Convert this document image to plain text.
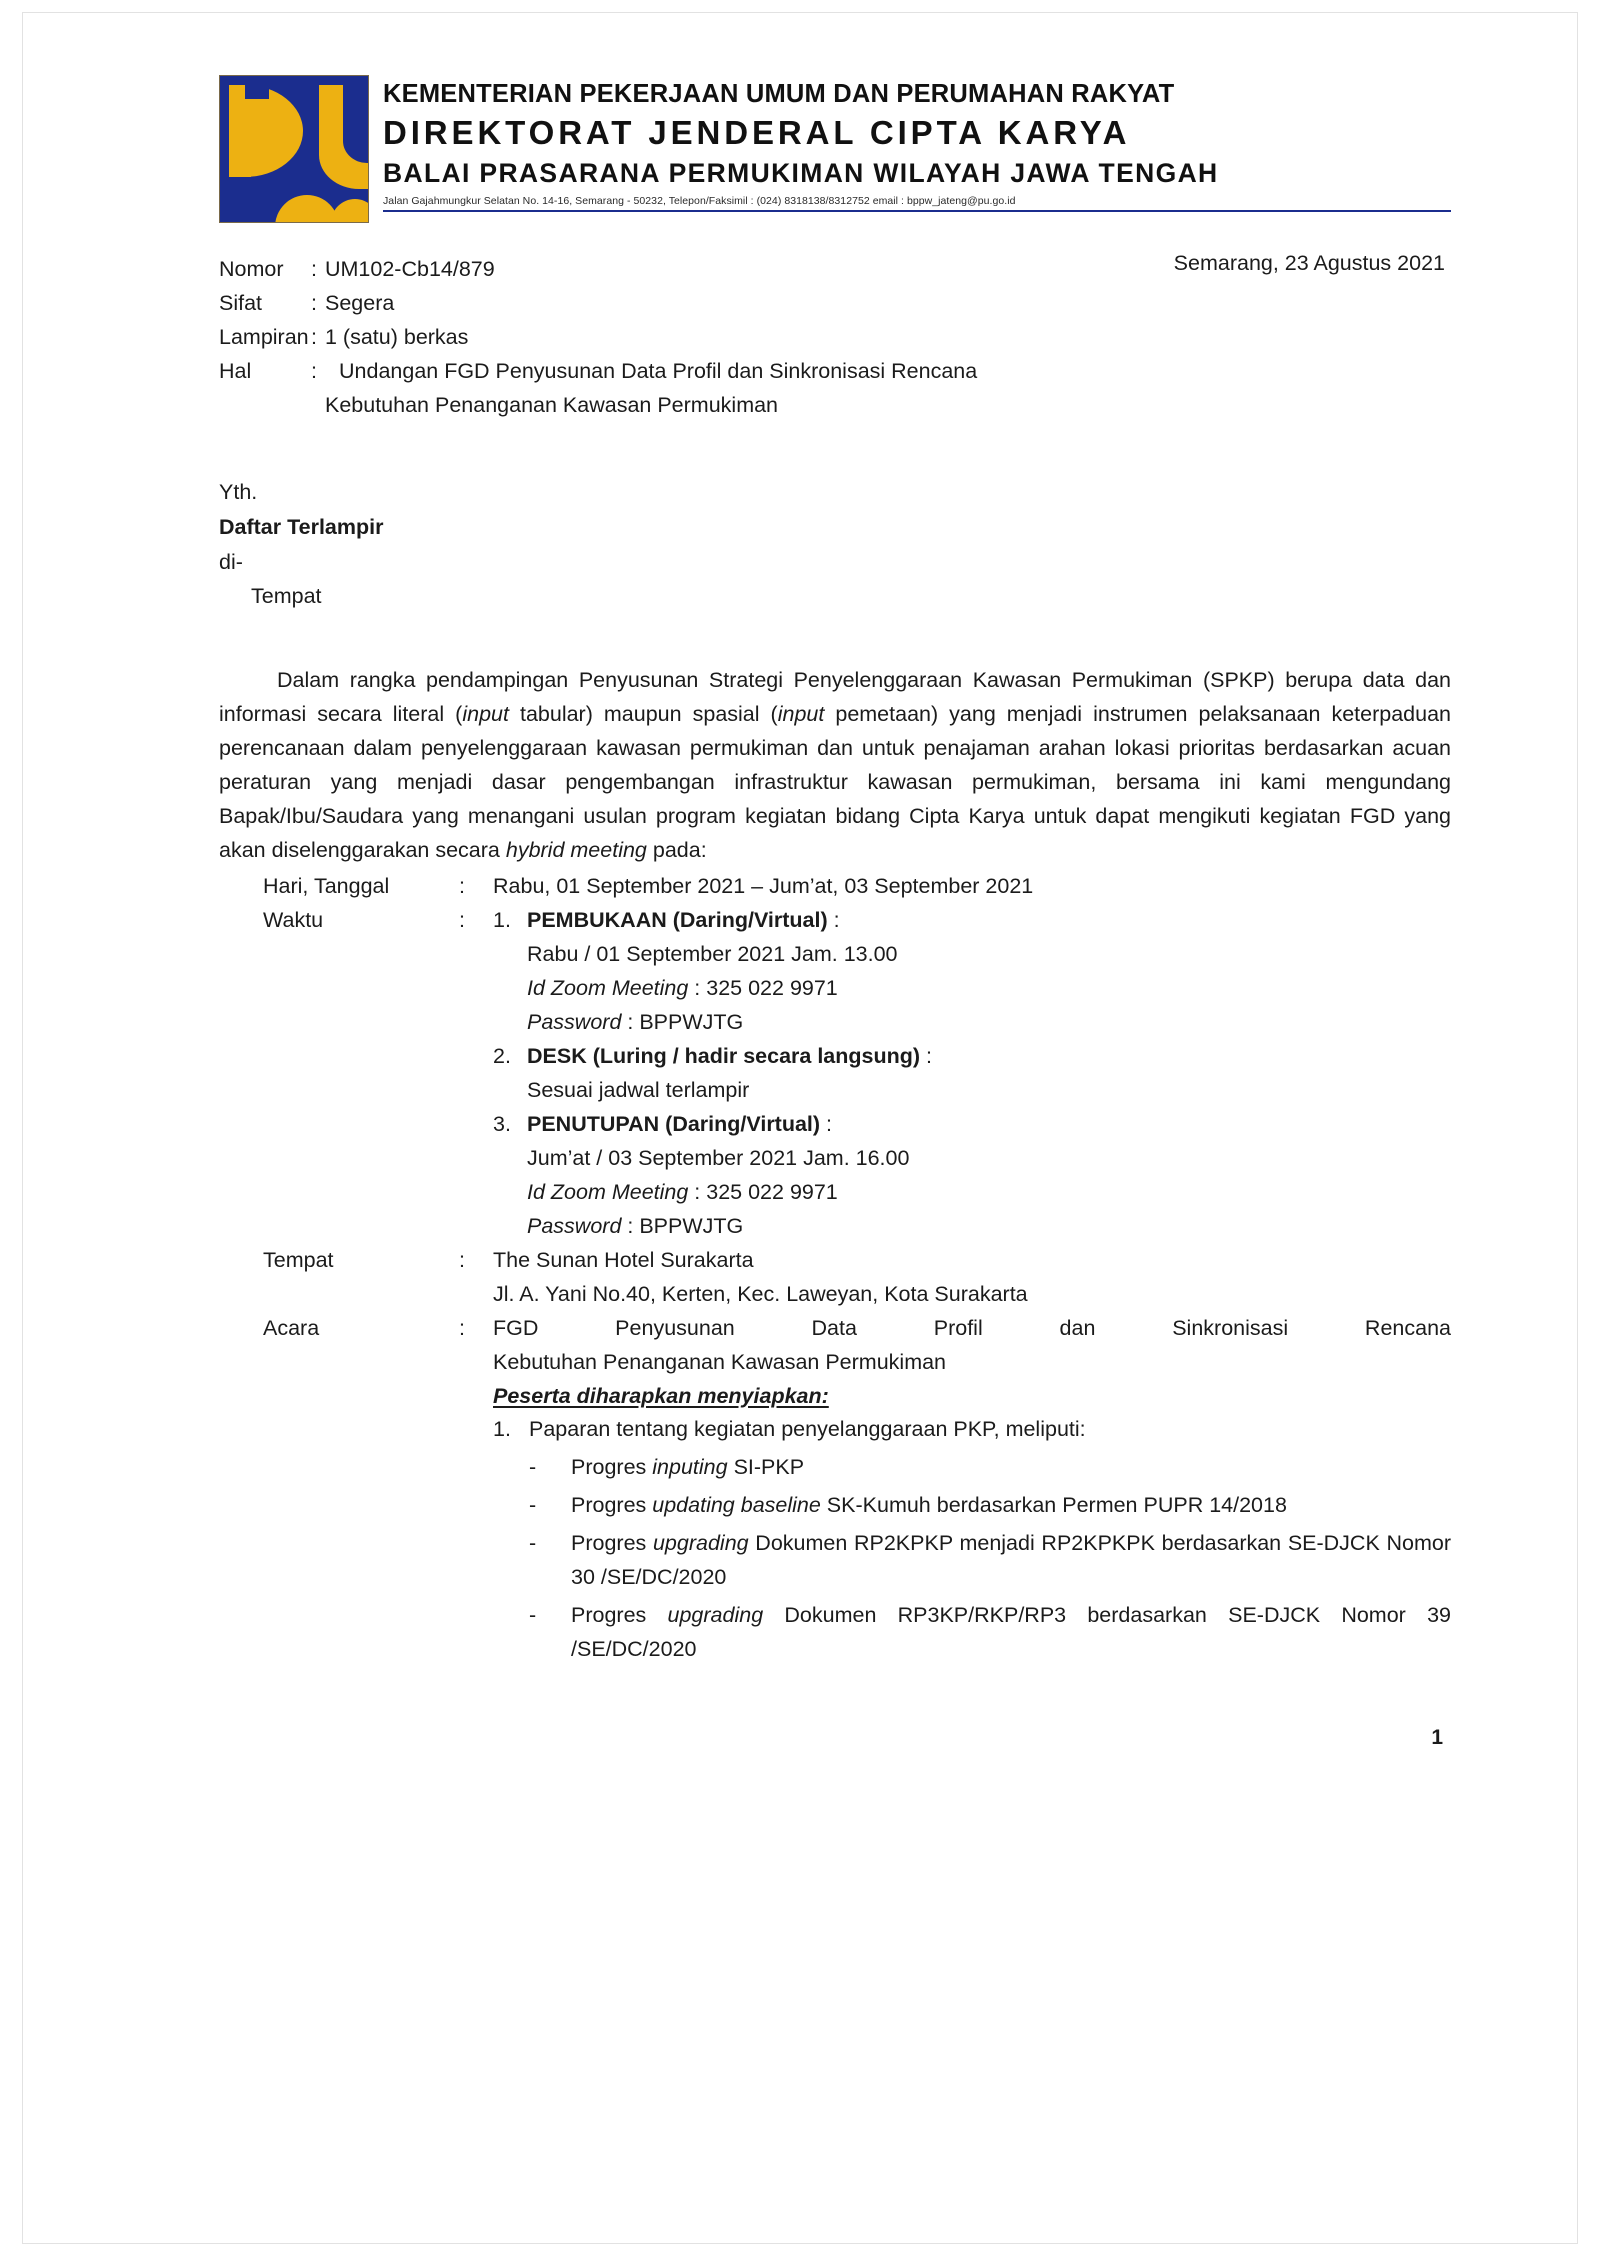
KEMENTERIAN PEKERJAAN UMUM DAN PERUMAHAN RAKYAT
DIREKTORAT JENDERAL CIPTA KARYA
BALAI PRASARANA PERMUKIMAN WILAYAH JAWA TENGAH
Jalan Gajahmungkur Selatan No. 14-16, Semarang - 50232, Telepon/Faksimil : (024) 8318138/8312752 email : bppw_jateng@pu.go.id
Semarang, 23 Agustus 2021
Nomor	: UM102-Cb14/879
Sifat	: Segera
Lampiran : 1 (satu) berkas
Hal	:	Undangan FGD Penyusunan Data Profil dan Sinkronisasi Rencana
Kebutuhan Penanganan Kawasan Permukiman
Yth.
Daftar Terlampir
di-
Tempat
Dalam rangka pendampingan Penyusunan Strategi Penyelenggaraan Kawasan Permukiman (SPKP) berupa data dan informasi secara literal (input tabular) maupun spasial (input pemetaan) yang menjadi instrumen pelaksanaan keterpaduan perencanaan dalam penyelenggaraan kawasan permukiman dan untuk penajaman arahan lokasi prioritas berdasarkan acuan peraturan yang menjadi dasar pengembangan infrastruktur kawasan permukiman, bersama ini kami mengundang Bapak/Ibu/Saudara yang menangani usulan program kegiatan bidang Cipta Karya untuk dapat mengikuti kegiatan FGD yang akan diselenggarakan secara hybrid meeting pada:
Hari, Tanggal	:	Rabu, 01 September 2021 – Jum’at, 03 September 2021
Waktu	:	1. PEMBUKAAN (Daring/Virtual) :
Rabu / 01 September 2021 Jam. 13.00
Id Zoom Meeting : 325 022 9971
Password : BPPWJTG
2. DESK (Luring / hadir secara langsung) :
Sesuai jadwal terlampir
3. PENUTUPAN (Daring/Virtual) :
Jum’at / 03 September 2021 Jam. 16.00
Id Zoom Meeting : 325 022 9971
Password : BPPWJTG
Tempat	:	The Sunan Hotel Surakarta
Jl. A. Yani No.40, Kerten, Kec. Laweyan, Kota Surakarta
Acara	:	FGD Penyusunan Data Profil dan Sinkronisasi Rencana
Kebutuhan Penanganan Kawasan Permukiman
Peserta diharapkan menyiapkan:
1. Paparan tentang kegiatan penyelanggaraan PKP, meliputi:
-	Progres inputing SI-PKP
-	Progres updating baseline SK-Kumuh berdasarkan Permen PUPR 14/2018
-	Progres upgrading Dokumen RP2KPKP menjadi RP2KPKPK berdasarkan SE-DJCK Nomor 30 /SE/DC/2020
-	Progres upgrading Dokumen RP3KP/RKP/RP3 berdasarkan SE-DJCK Nomor 39 /SE/DC/2020
1
